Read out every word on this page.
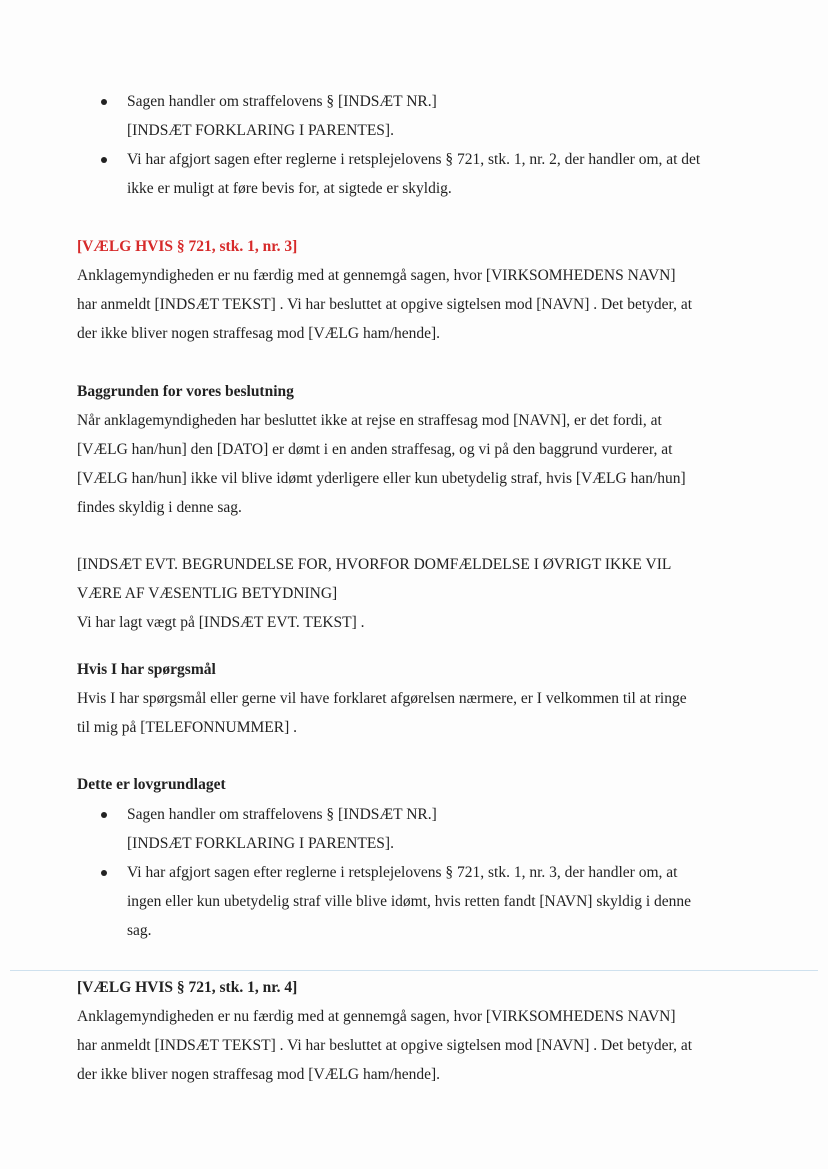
Sagen handler om straffelovens § [INDSÆT NR.]
[INDSÆT FORKLARING I PARENTES].
Vi har afgjort sagen efter reglerne i retsplejelovens § 721, stk. 1, nr. 2, der handler om, at det
ikke er muligt at føre bevis for, at sigtede er skyldig.
[VÆLG HVIS § 721, stk. 1, nr. 3]
Anklagemyndigheden er nu færdig med at gennemgå sagen, hvor [VIRKSOMHEDENS NAVN]
har anmeldt [INDSÆT TEKST] . Vi har besluttet at opgive sigtelsen mod [NAVN] . Det betyder, at
der ikke bliver nogen straffesag mod [VÆLG ham/hende].
Baggrunden for vores beslutning
Når anklagemyndigheden har besluttet ikke at rejse en straffesag mod [NAVN], er det fordi, at
[VÆLG han/hun] den [DATO] er dømt i en anden straffesag, og vi på den baggrund vurderer, at
[VÆLG han/hun] ikke vil blive idømt yderligere eller kun ubetydelig straf, hvis [VÆLG han/hun]
findes skyldig i denne sag.
[INDSÆT EVT. BEGRUNDELSE FOR, HVORFOR DOMFÆLDELSE I ØVRIGT IKKE VIL
VÆRE AF VÆSENTLIG BETYDNING]
Vi har lagt vægt på [INDSÆT EVT. TEKST] .
Hvis I har spørgsmål
Hvis I har spørgsmål eller gerne vil have forklaret afgørelsen nærmere, er I velkommen til at ringe
til mig på [TELEFONNUMMER] .
Dette er lovgrundlaget
Sagen handler om straffelovens § [INDSÆT NR.]
[INDSÆT FORKLARING I PARENTES].
Vi har afgjort sagen efter reglerne i retsplejelovens § 721, stk. 1, nr. 3, der handler om, at
ingen eller kun ubetydelig straf ville blive idømt, hvis retten fandt [NAVN] skyldig i denne
sag.
[VÆLG HVIS § 721, stk. 1, nr. 4]
Anklagemyndigheden er nu færdig med at gennemgå sagen, hvor [VIRKSOMHEDENS NAVN]
har anmeldt [INDSÆT TEKST] . Vi har besluttet at opgive sigtelsen mod [NAVN] . Det betyder, at
der ikke bliver nogen straffesag mod [VÆLG ham/hende].
